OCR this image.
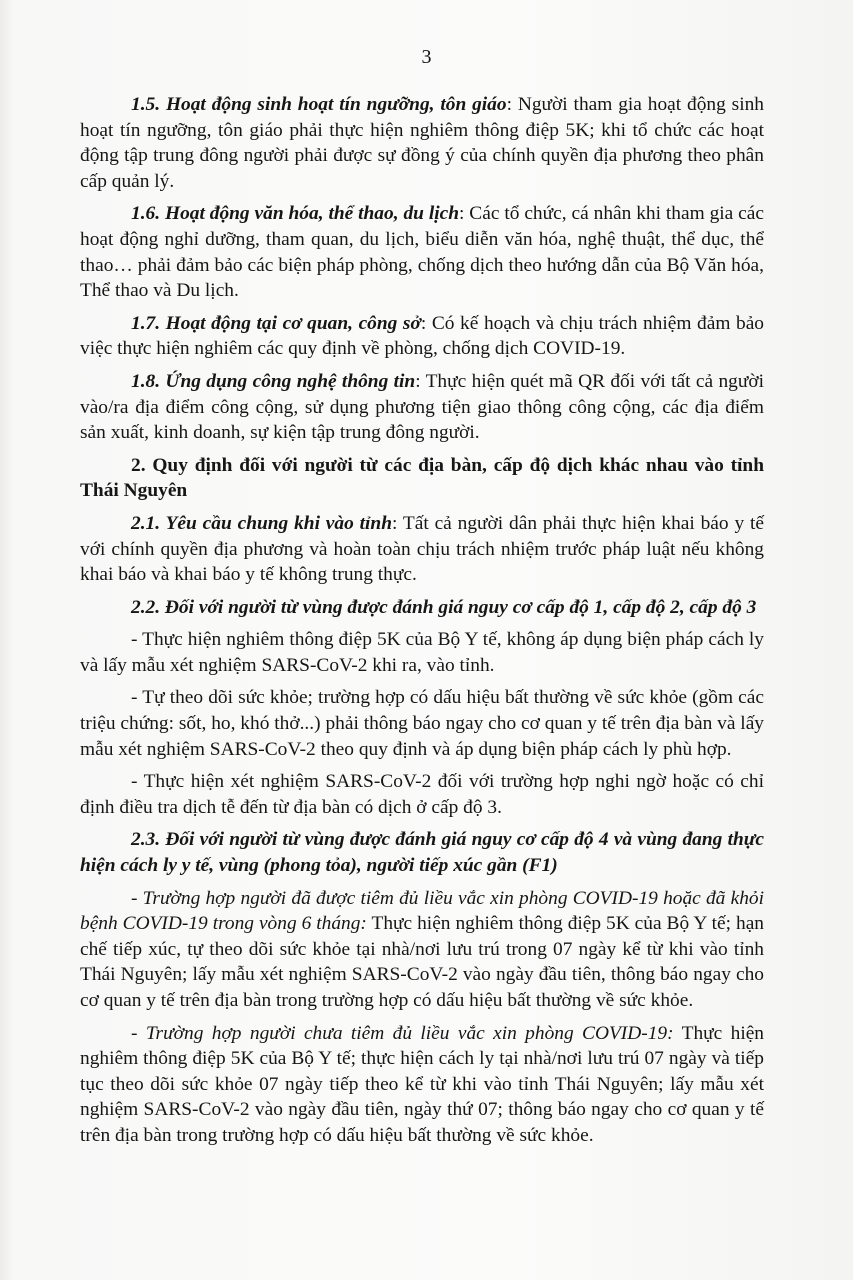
3

1.5. Hoạt động sinh hoạt tín ngưỡng, tôn giáo: Người tham gia hoạt động sinh hoạt tín ngưỡng, tôn giáo phải thực hiện nghiêm thông điệp 5K; khi tổ chức các hoạt động tập trung đông người phải được sự đồng ý của chính quyền địa phương theo phân cấp quản lý.

1.6. Hoạt động văn hóa, thể thao, du lịch: Các tổ chức, cá nhân khi tham gia các hoạt động nghỉ dưỡng, tham quan, du lịch, biểu diễn văn hóa, nghệ thuật, thể dục, thể thao… phải đảm bảo các biện pháp phòng, chống dịch theo hướng dẫn của Bộ Văn hóa, Thể thao và Du lịch.

1.7. Hoạt động tại cơ quan, công sở: Có kế hoạch và chịu trách nhiệm đảm bảo việc thực hiện nghiêm các quy định về phòng, chống dịch COVID-19.

1.8. Ứng dụng công nghệ thông tin: Thực hiện quét mã QR đối với tất cả người vào/ra địa điểm công cộng, sử dụng phương tiện giao thông công cộng, các địa điểm sản xuất, kinh doanh, sự kiện tập trung đông người.

2. Quy định đối với người từ các địa bàn, cấp độ dịch khác nhau vào tỉnh Thái Nguyên

2.1. Yêu cầu chung khi vào tỉnh: Tất cả người dân phải thực hiện khai báo y tế với chính quyền địa phương và hoàn toàn chịu trách nhiệm trước pháp luật nếu không khai báo và khai báo y tế không trung thực.

2.2. Đối với người từ vùng được đánh giá nguy cơ cấp độ 1, cấp độ 2, cấp độ 3

- Thực hiện nghiêm thông điệp 5K của Bộ Y tế, không áp dụng biện pháp cách ly và lấy mẫu xét nghiệm SARS-CoV-2 khi ra, vào tỉnh.

- Tự theo dõi sức khỏe; trường hợp có dấu hiệu bất thường về sức khỏe (gồm các triệu chứng: sốt, ho, khó thở...) phải thông báo ngay cho cơ quan y tế trên địa bàn và lấy mẫu xét nghiệm SARS-CoV-2 theo quy định và áp dụng biện pháp cách ly phù hợp.

- Thực hiện xét nghiệm SARS-CoV-2 đối với trường hợp nghi ngờ hoặc có chỉ định điều tra dịch tễ đến từ địa bàn có dịch ở cấp độ 3.

2.3. Đối với người từ vùng được đánh giá nguy cơ cấp độ 4 và vùng đang thực hiện cách ly y tế, vùng (phong tỏa), người tiếp xúc gần (F1)

- Trường hợp người đã được tiêm đủ liều vắc xin phòng COVID-19 hoặc đã khỏi bệnh COVID-19 trong vòng 6 tháng: Thực hiện nghiêm thông điệp 5K của Bộ Y tế; hạn chế tiếp xúc, tự theo dõi sức khỏe tại nhà/nơi lưu trú trong 07 ngày kể từ khi vào tỉnh Thái Nguyên; lấy mẫu xét nghiệm SARS-CoV-2 vào ngày đầu tiên, thông báo ngay cho cơ quan y tế trên địa bàn trong trường hợp có dấu hiệu bất thường về sức khỏe.

- Trường hợp người chưa tiêm đủ liều vắc xin phòng COVID-19: Thực hiện nghiêm thông điệp 5K của Bộ Y tế; thực hiện cách ly tại nhà/nơi lưu trú 07 ngày và tiếp tục theo dõi sức khỏe 07 ngày tiếp theo kể từ khi vào tỉnh Thái Nguyên; lấy mẫu xét nghiệm SARS-CoV-2 vào ngày đầu tiên, ngày thứ 07; thông báo ngay cho cơ quan y tế trên địa bàn trong trường hợp có dấu hiệu bất thường về sức khỏe.
